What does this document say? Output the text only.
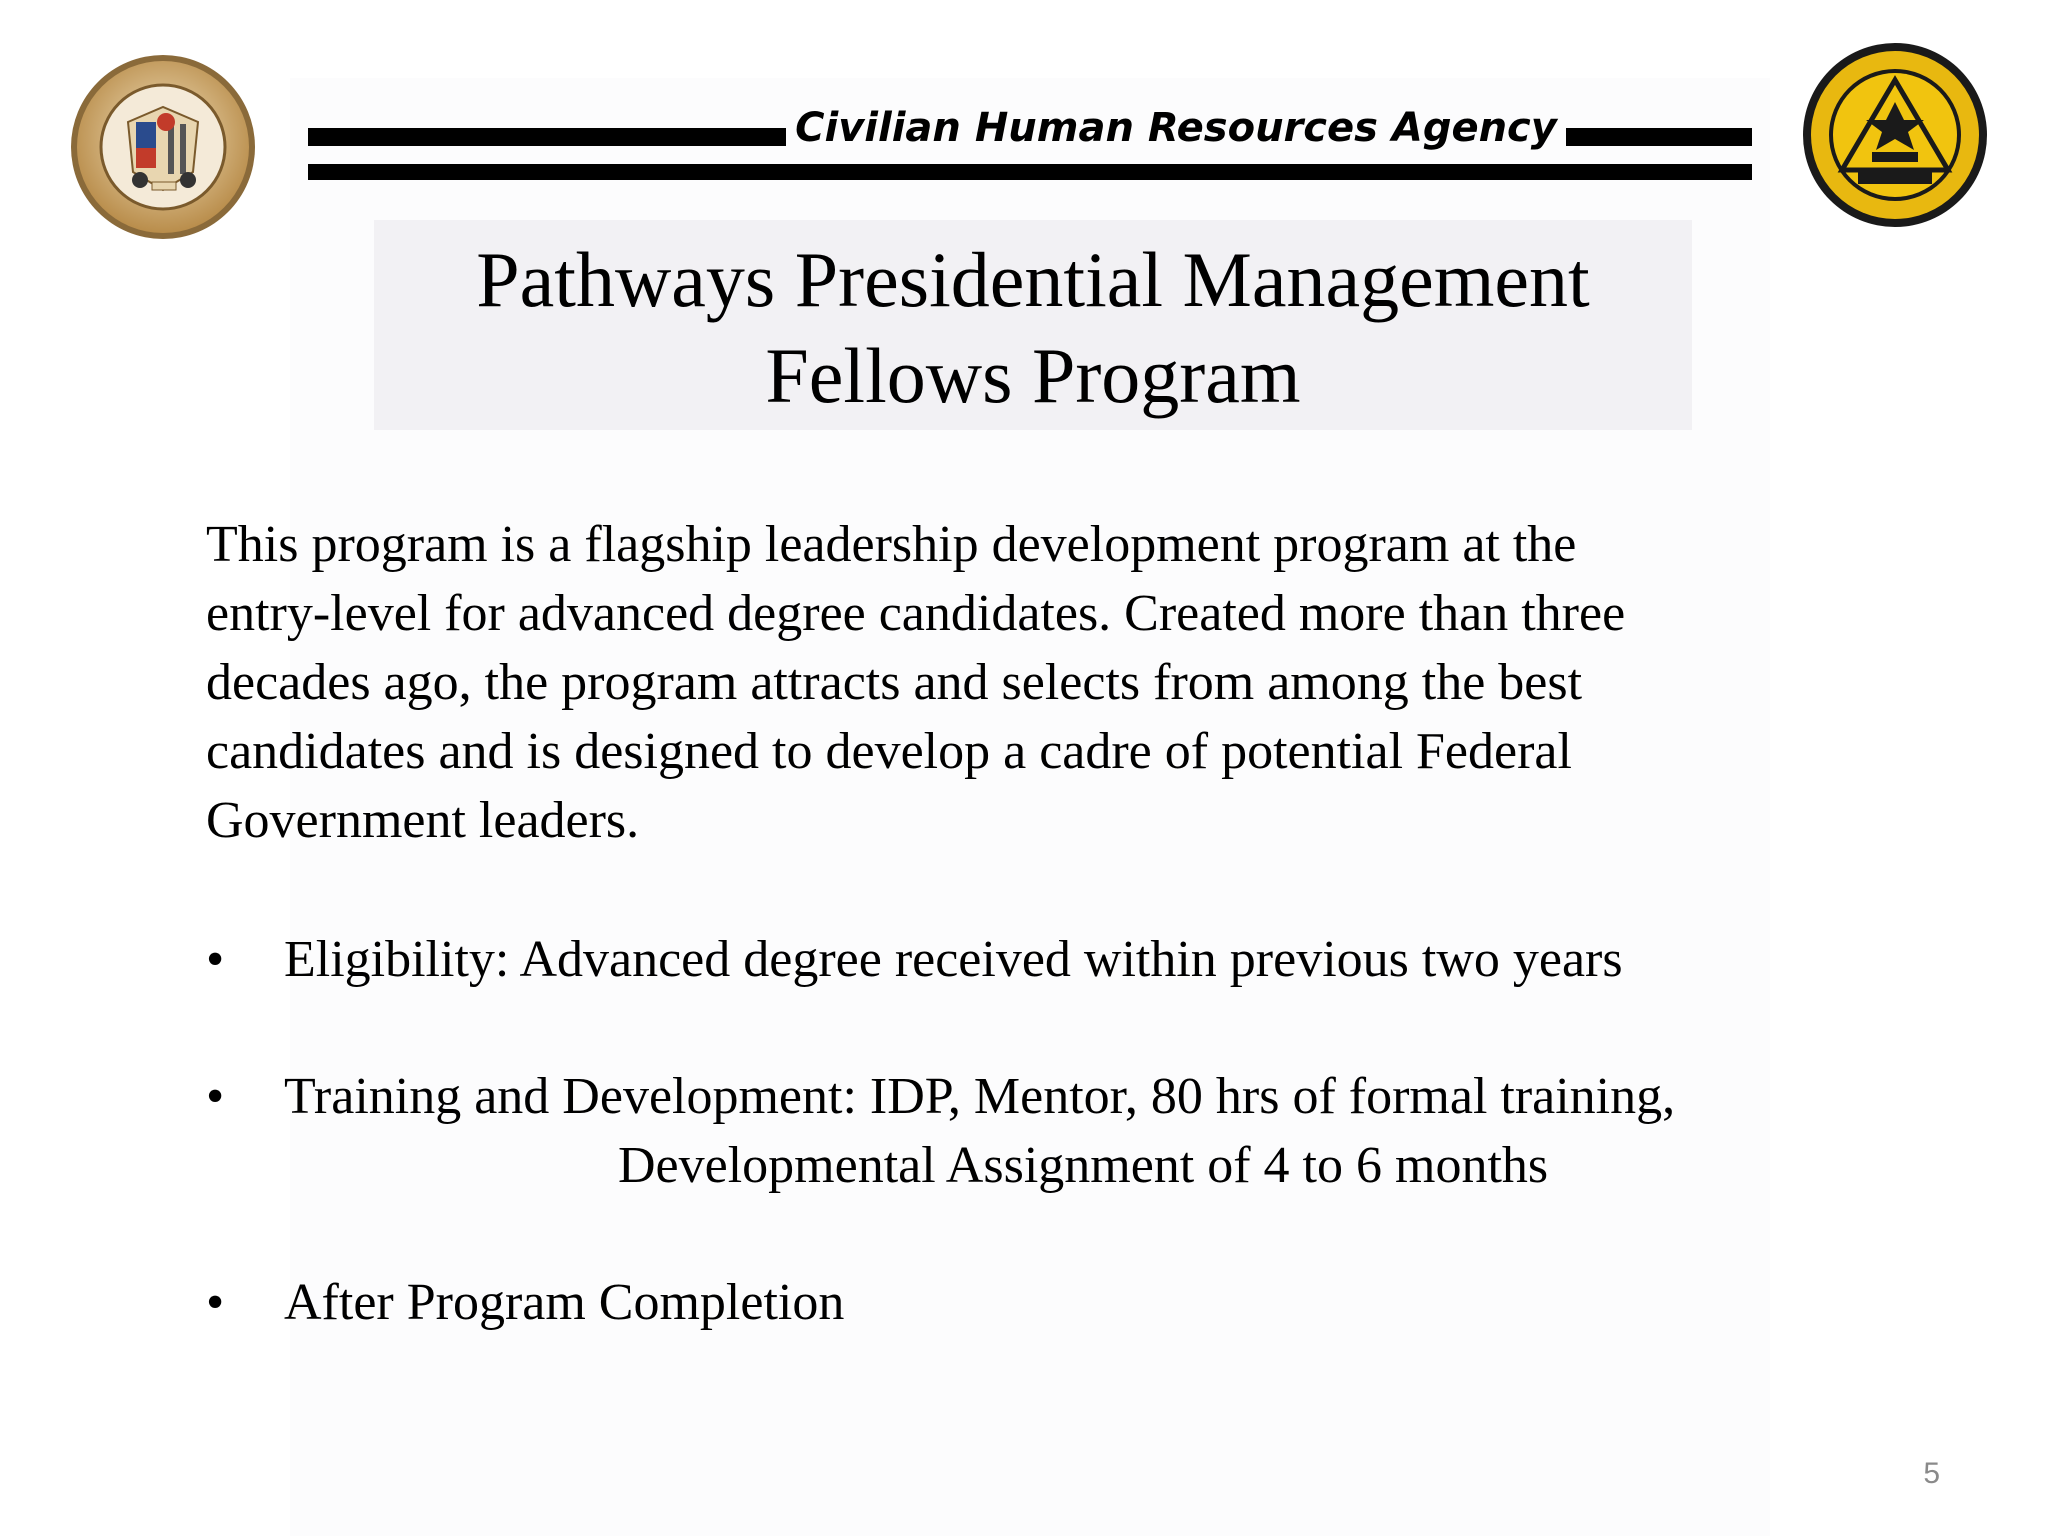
Civilian Human Resources Agency
Pathways Presidential Management
Fellows Program
This program is a flagship leadership development program at the
entry-level for advanced degree candidates. Created more than three
decades ago, the program attracts and selects from among the best
candidates and is designed to develop a cadre of potential Federal
Government leaders.
• Eligibility: Advanced degree received within previous two years
• Training and Development: IDP, Mentor, 80 hrs of formal training,
Developmental Assignment of 4 to 6 months
• After Program Completion
5
